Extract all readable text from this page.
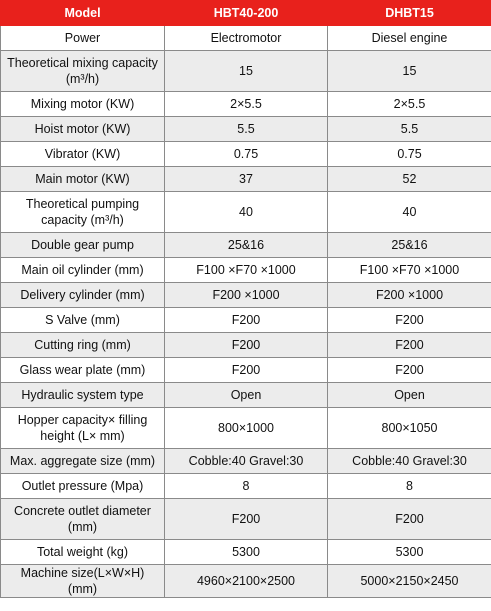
Model	HBT40-200	DHBT15
Power	Electromotor	Diesel engine
Theoretical mixing capacity (m³/h)	15	15
Mixing motor (KW)	2×5.5	2×5.5
Hoist motor (KW)	5.5	5.5
Vibrator (KW)	0.75	0.75
Main motor (KW)	37	52
Theoretical pumping capacity (m³/h)	40	40
Double gear pump	25&16	25&16
Main oil cylinder (mm)	F100 ×F70 ×1000	F100 ×F70 ×1000
Delivery cylinder (mm)	F200 ×1000	F200 ×1000
S Valve (mm)	F200	F200
Cutting ring (mm)	F200	F200
Glass wear plate (mm)	F200	F200
Hydraulic system type	Open	Open
Hopper capacity× filling height (L× mm)	800×1000	800×1050
Max. aggregate size (mm)	Cobble:40 Gravel:30	Cobble:40 Gravel:30
Outlet pressure (Mpa)	8	8
Concrete outlet diameter (mm)	F200	F200
Total weight (kg)	5300	5300
Machine size(L×W×H) (mm)	4960×2100×2500	5000×2150×2450
